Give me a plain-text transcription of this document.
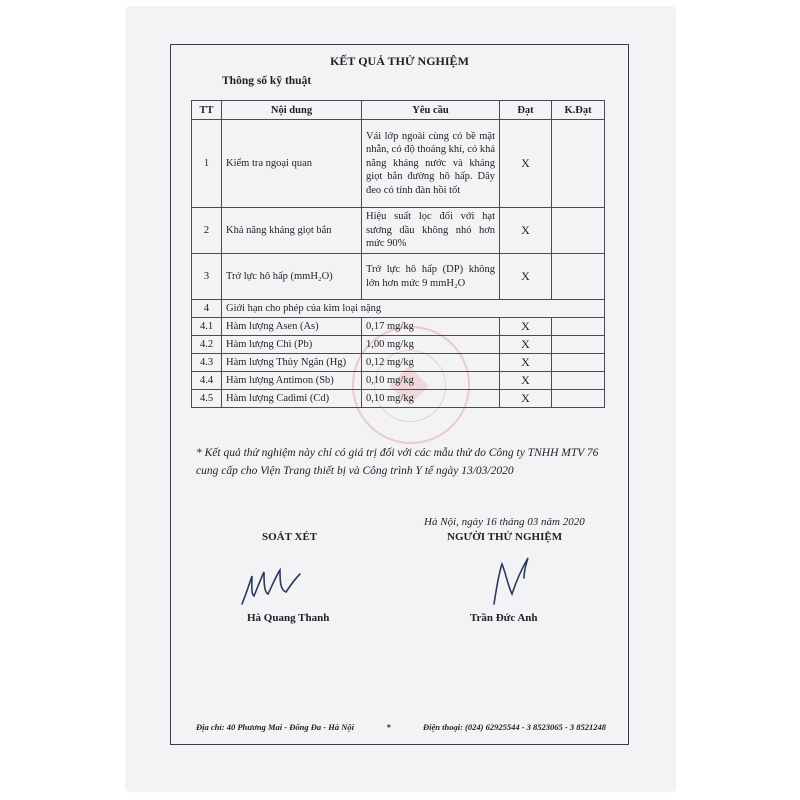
KẾT QUẢ THỬ NGHIỆM
Thông số kỹ thuật
TT	Nội dung	Yêu cầu	Đạt	K.Đạt
1	Kiểm tra ngoại quan	Vải lớp ngoài cùng có bề mặt nhẵn, có độ thoáng khí, có khả năng kháng nước và kháng giọt bắn đường hô hấp. Dây đeo có tính đàn hồi tốt	X	
2	Khả năng kháng giọt bắn	Hiệu suất lọc đối với hạt sương dầu không nhỏ hơn mức 90%	X	
3	Trở lực hô hấp (mmH₂O)	Trở lực hô hấp (DP) không lớn hơn mức 9 mmH₂O	X	
4	Giới hạn cho phép của kim loại nặng			
4.1	Hàm lượng Asen (As)	0,17 mg/kg	X	
4.2	Hàm lượng Chì (Pb)	1,00 mg/kg	X	
4.3	Hàm lượng Thủy Ngân (Hg)	0,12 mg/kg	X	
4.4	Hàm lượng Antimon (Sb)	0,10 mg/kg	X	
4.5	Hàm lượng Cadimi (Cd)	0,10 mg/kg	X	
* Kết quả thử nghiệm này chỉ có giá trị đối với các mẫu thử do Công ty TNHH MTV 76 cung cấp cho Viện Trang thiết bị và Công trình Y tế ngày 13/03/2020
Hà Nội, ngày 16 tháng 03 năm 2020
SOÁT XÉT	NGƯỜI THỬ NGHIỆM
Hà Quang Thanh	Trần Đức Anh
Địa chỉ: 40 Phương Mai - Đống Đa - Hà Nội	*	Điện thoại: (024) 62925544 - 3 8523065 - 3 8521248
